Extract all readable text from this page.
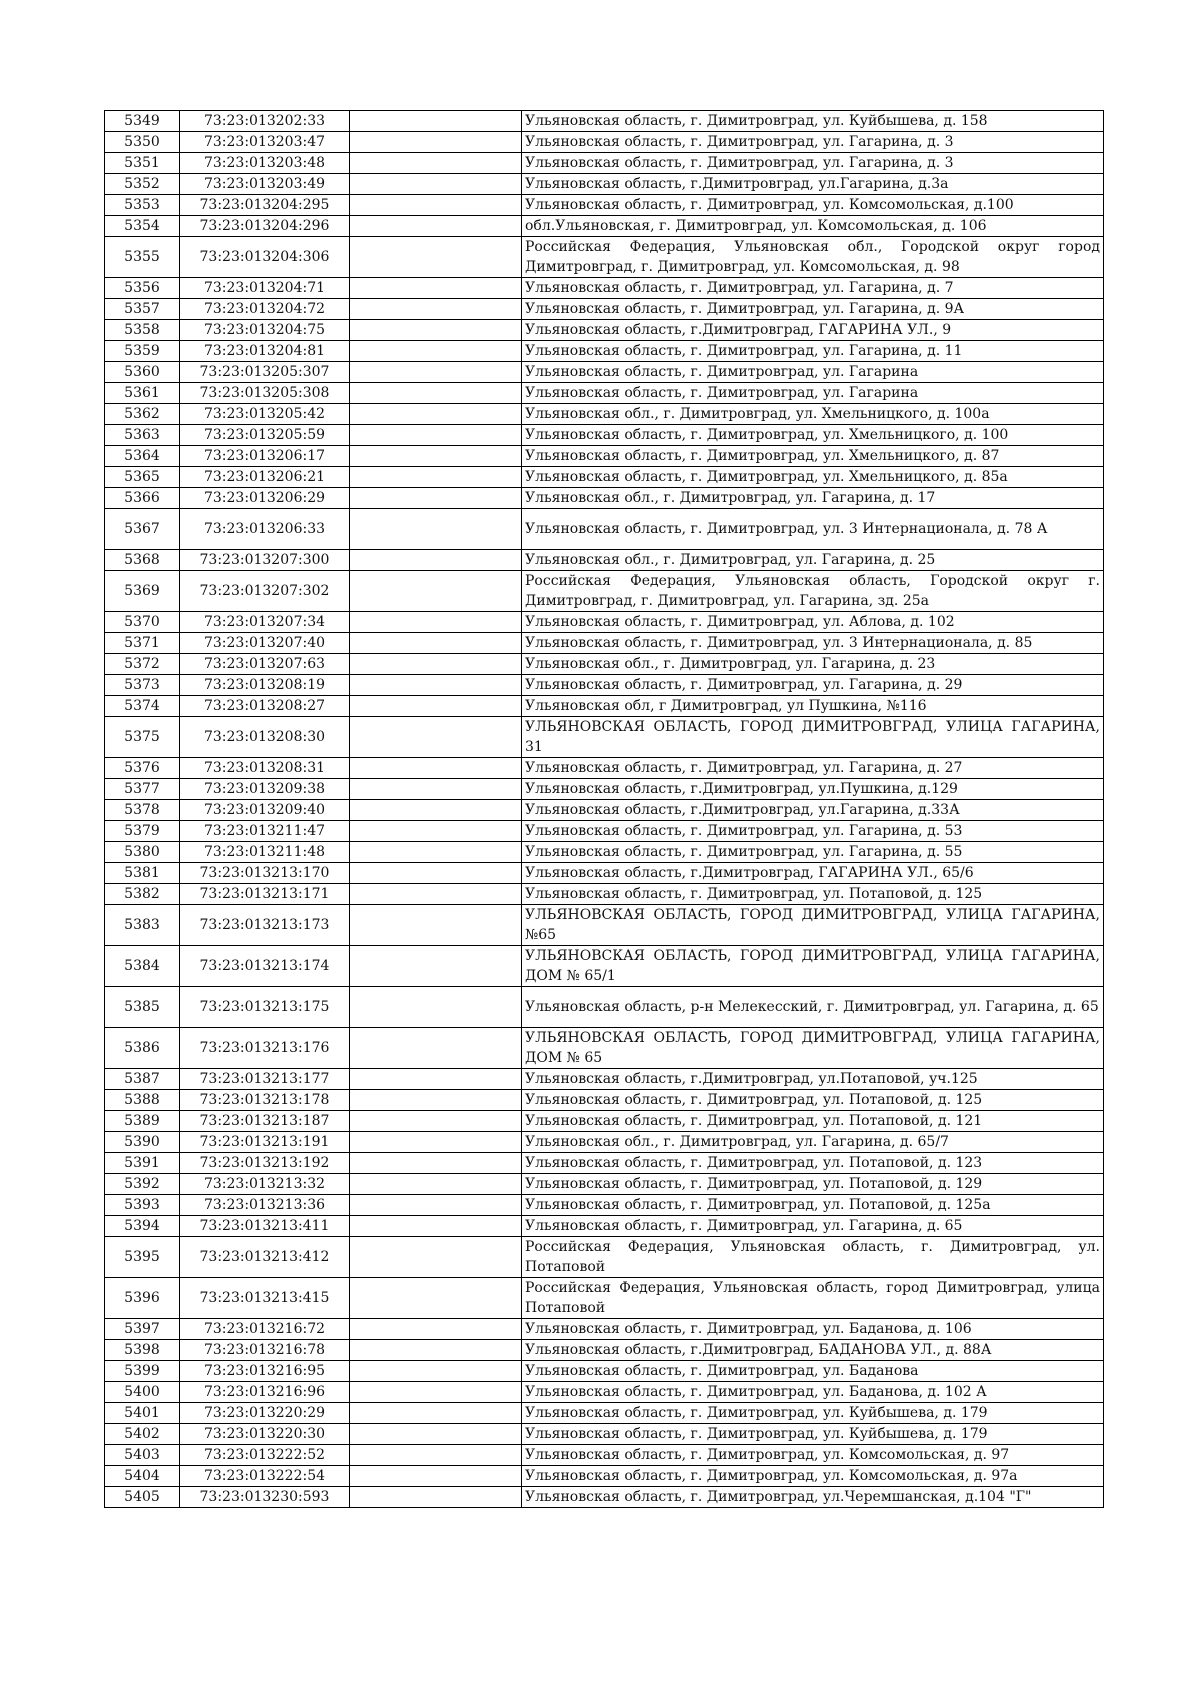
5349	73:23:013202:33		Ульяновская область, г. Димитровград, ул. Куйбышева, д. 158
5350	73:23:013203:47		Ульяновская область, г. Димитровград, ул. Гагарина, д. 3
5351	73:23:013203:48		Ульяновская область, г. Димитровград, ул. Гагарина, д. 3
5352	73:23:013203:49		Ульяновская область, г.Димитровград, ул.Гагарина, д.3а
5353	73:23:013204:295		Ульяновская область, г. Димитровград, ул. Комсомольская, д.100
5354	73:23:013204:296		обл.Ульяновская, г. Димитровград, ул. Комсомольская, д. 106
5355	73:23:013204:306		Российская Федерация, Ульяновская обл., Городской округ город Димитровград, г. Димитровград, ул. Комсомольская, д. 98
5356	73:23:013204:71		Ульяновская область, г. Димитровград, ул. Гагарина, д. 7
5357	73:23:013204:72		Ульяновская область, г. Димитровград, ул. Гагарина, д. 9А
5358	73:23:013204:75		Ульяновская область, г.Димитровград, ГАГАРИНА УЛ., 9
5359	73:23:013204:81		Ульяновская область, г. Димитровград, ул. Гагарина, д. 11
5360	73:23:013205:307		Ульяновская область, г. Димитровград, ул. Гагарина
5361	73:23:013205:308		Ульяновская область, г. Димитровград, ул. Гагарина
5362	73:23:013205:42		Ульяновская обл., г. Димитровград, ул. Хмельницкого, д. 100а
5363	73:23:013205:59		Ульяновская область, г. Димитровград, ул. Хмельницкого, д. 100
5364	73:23:013206:17		Ульяновская область, г. Димитровград, ул. Хмельницкого, д. 87
5365	73:23:013206:21		Ульяновская область, г. Димитровград, ул. Хмельницкого, д. 85а
5366	73:23:013206:29		Ульяновская обл., г. Димитровград, ул. Гагарина, д. 17
5367	73:23:013206:33		Ульяновская область, г. Димитровград, ул. 3 Интернационала, д. 78 А
5368	73:23:013207:300		Ульяновская обл., г. Димитровград, ул. Гагарина, д. 25
5369	73:23:013207:302		Российская Федерация, Ульяновская область, Городской округ г. Димитровград, г. Димитровград, ул. Гагарина, зд. 25а
5370	73:23:013207:34		Ульяновская область, г. Димитровград, ул. Аблова, д. 102
5371	73:23:013207:40		Ульяновская область, г. Димитровград, ул. 3 Интернационала, д. 85
5372	73:23:013207:63		Ульяновская обл., г. Димитровград, ул. Гагарина, д. 23
5373	73:23:013208:19		Ульяновская область, г. Димитровград, ул. Гагарина, д. 29
5374	73:23:013208:27		Ульяновская обл, г Димитровград, ул Пушкина, №116
5375	73:23:013208:30		УЛЬЯНОВСКАЯ ОБЛАСТЬ, ГОРОД ДИМИТРОВГРАД, УЛИЦА ГАГАРИНА, 31
5376	73:23:013208:31		Ульяновская область, г. Димитровград, ул. Гагарина, д. 27
5377	73:23:013209:38		Ульяновская область, г.Димитровград, ул.Пушкина, д.129
5378	73:23:013209:40		Ульяновская область, г.Димитровград, ул.Гагарина, д.33А
5379	73:23:013211:47		Ульяновская область, г. Димитровград, ул. Гагарина, д. 53
5380	73:23:013211:48		Ульяновская область, г. Димитровград, ул. Гагарина, д. 55
5381	73:23:013213:170		Ульяновская область, г.Димитровград, ГАГАРИНА УЛ., 65/6
5382	73:23:013213:171		Ульяновская область, г. Димитровград, ул. Потаповой, д. 125
5383	73:23:013213:173		УЛЬЯНОВСКАЯ ОБЛАСТЬ, ГОРОД ДИМИТРОВГРАД, УЛИЦА ГАГАРИНА, №65
5384	73:23:013213:174		УЛЬЯНОВСКАЯ ОБЛАСТЬ, ГОРОД ДИМИТРОВГРАД, УЛИЦА ГАГАРИНА, ДОМ № 65/1
5385	73:23:013213:175		Ульяновская область, р-н Мелекесский, г. Димитровград, ул. Гагарина, д. 65
5386	73:23:013213:176		УЛЬЯНОВСКАЯ ОБЛАСТЬ, ГОРОД ДИМИТРОВГРАД, УЛИЦА ГАГАРИНА, ДОМ № 65
5387	73:23:013213:177		Ульяновская область, г.Димитровград, ул.Потаповой, уч.125
5388	73:23:013213:178		Ульяновская область, г. Димитровград, ул. Потаповой, д. 125
5389	73:23:013213:187		Ульяновская область, г. Димитровград, ул. Потаповой, д. 121
5390	73:23:013213:191		Ульяновская обл., г. Димитровград, ул. Гагарина, д. 65/7
5391	73:23:013213:192		Ульяновская область, г. Димитровград, ул. Потаповой, д. 123
5392	73:23:013213:32		Ульяновская область, г. Димитровград, ул. Потаповой, д. 129
5393	73:23:013213:36		Ульяновская область, г. Димитровград, ул. Потаповой, д. 125а
5394	73:23:013213:411		Ульяновская область, г. Димитровград, ул. Гагарина, д. 65
5395	73:23:013213:412		Российская Федерация, Ульяновская область, г. Димитровград, ул. Потаповой
5396	73:23:013213:415		Российская Федерация, Ульяновская область, город Димитровград, улица Потаповой
5397	73:23:013216:72		Ульяновская область, г. Димитровград, ул. Баданова, д. 106
5398	73:23:013216:78		Ульяновская область, г.Димитровград, БАДАНОВА УЛ., д. 88А
5399	73:23:013216:95		Ульяновская область, г. Димитровград, ул. Баданова
5400	73:23:013216:96		Ульяновская область, г. Димитровград, ул. Баданова, д. 102 А
5401	73:23:013220:29		Ульяновская область, г. Димитровград, ул. Куйбышева, д. 179
5402	73:23:013220:30		Ульяновская область, г. Димитровград, ул. Куйбышева, д. 179
5403	73:23:013222:52		Ульяновская область, г. Димитровград, ул. Комсомольская, д. 97
5404	73:23:013222:54		Ульяновская область, г. Димитровград, ул. Комсомольская, д. 97а
5405	73:23:013230:593		Ульяновская область, г. Димитровград, ул.Черемшанская, д.104 "Г"
